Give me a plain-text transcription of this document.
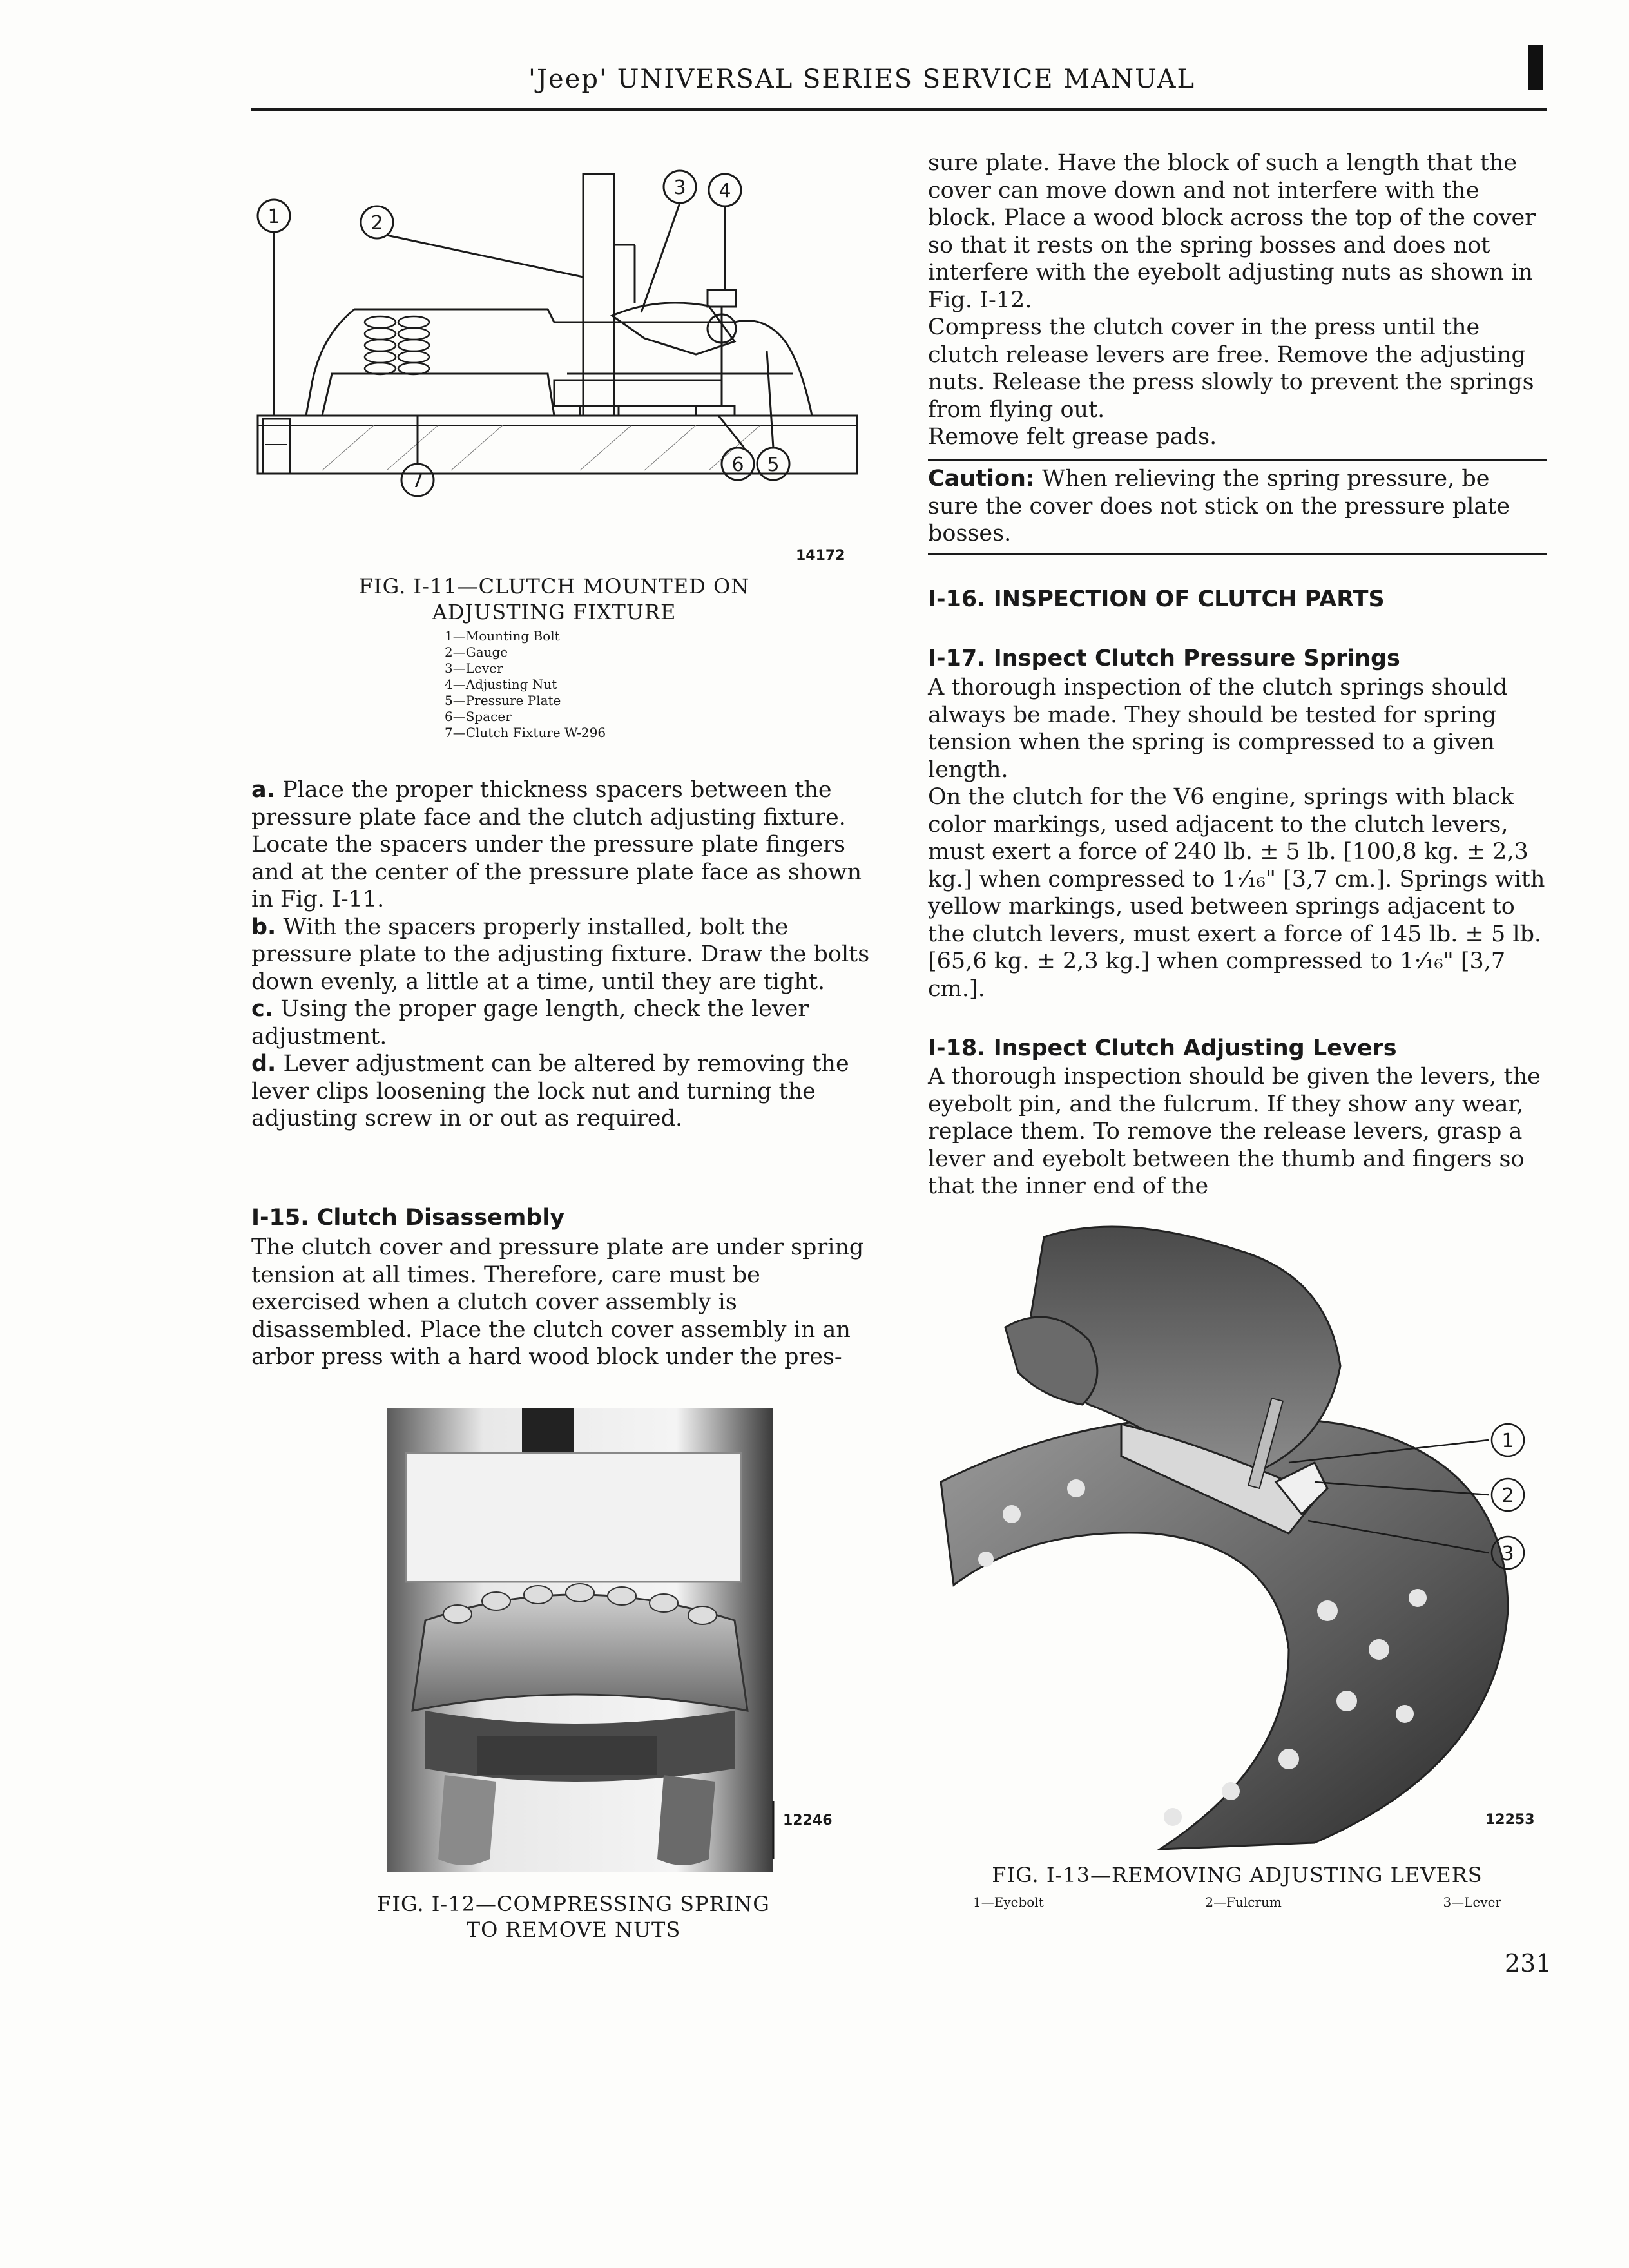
'Jeep' UNIVERSAL SERIES SERVICE MANUAL
1	2
3 4
5
6
7
14172
FIG. I-11—CLUTCH MOUNTED ON
ADJUSTING FIXTURE
1—Mounting Bolt
2—Gauge
3—Lever
4—Adjusting Nut
5—Pressure Plate
6—Spacer
7—Clutch Fixture W-296

a. Place the proper thickness spacers between the pressure plate face and the clutch adjusting fixture. Locate the spacers under the pressure plate fingers and at the center of the pressure plate face as shown in Fig. I-11.

b. With the spacers properly installed, bolt the pressure plate to the adjusting fixture. Draw the bolts down evenly, a little at a time, until they are tight.

c. Using the proper gage length, check the lever adjustment.

d. Lever adjustment can be altered by removing the lever clips loosening the lock nut and turning the adjusting screw in or out as required.

I-15. Clutch Disassembly

The clutch cover and pressure plate are under spring tension at all times. Therefore, care must be exercised when a clutch cover assembly is disassembled. Place the clutch cover assembly in an arbor press with a hard wood block under the pres-

12246
FIG. I-12—COMPRESSING SPRING
TO REMOVE NUTS

sure plate. Have the block of such a length that the cover can move down and not interfere with the block. Place a wood block across the top of the cover so that it rests on the spring bosses and does not interfere with the eyebolt adjusting nuts as shown in Fig. I-12.

Compress the clutch cover in the press until the clutch release levers are free. Remove the adjusting nuts. Release the press slowly to prevent the springs from flying out.

Remove felt grease pads.

Caution: When relieving the spring pressure, be sure the cover does not stick on the pressure plate bosses.

I-16. INSPECTION OF CLUTCH PARTS
I-17. Inspect Clutch Pressure Springs

A thorough inspection of the clutch springs should always be made. They should be tested for spring tension when the spring is compressed to a given length.

On the clutch for the V6 engine, springs with black color markings, used adjacent to the clutch levers, must exert a force of 240 lb. ± 5 lb. [100,8 kg. ± 2,3 kg.] when compressed to 1·⁄₁₆" [3,7 cm.]. Springs with yellow markings, used between springs adjacent to the clutch levers, must exert a force of 145 lb. ± 5 lb. [65,6 kg. ± 2,3 kg.] when compressed to 1·⁄₁₆" [3,7 cm.].

I-18. Inspect Clutch Adjusting Levers

A thorough inspection should be given the levers, the eyebolt pin, and the fulcrum. If they show any wear, replace them. To remove the release levers, grasp a lever and eyebolt between the thumb and fingers so that the inner end of the

1
2
3
12253
FIG. I-13—REMOVING ADJUSTING LEVERS
1—Eyebolt	2—Fulcrum	3—Lever
231
